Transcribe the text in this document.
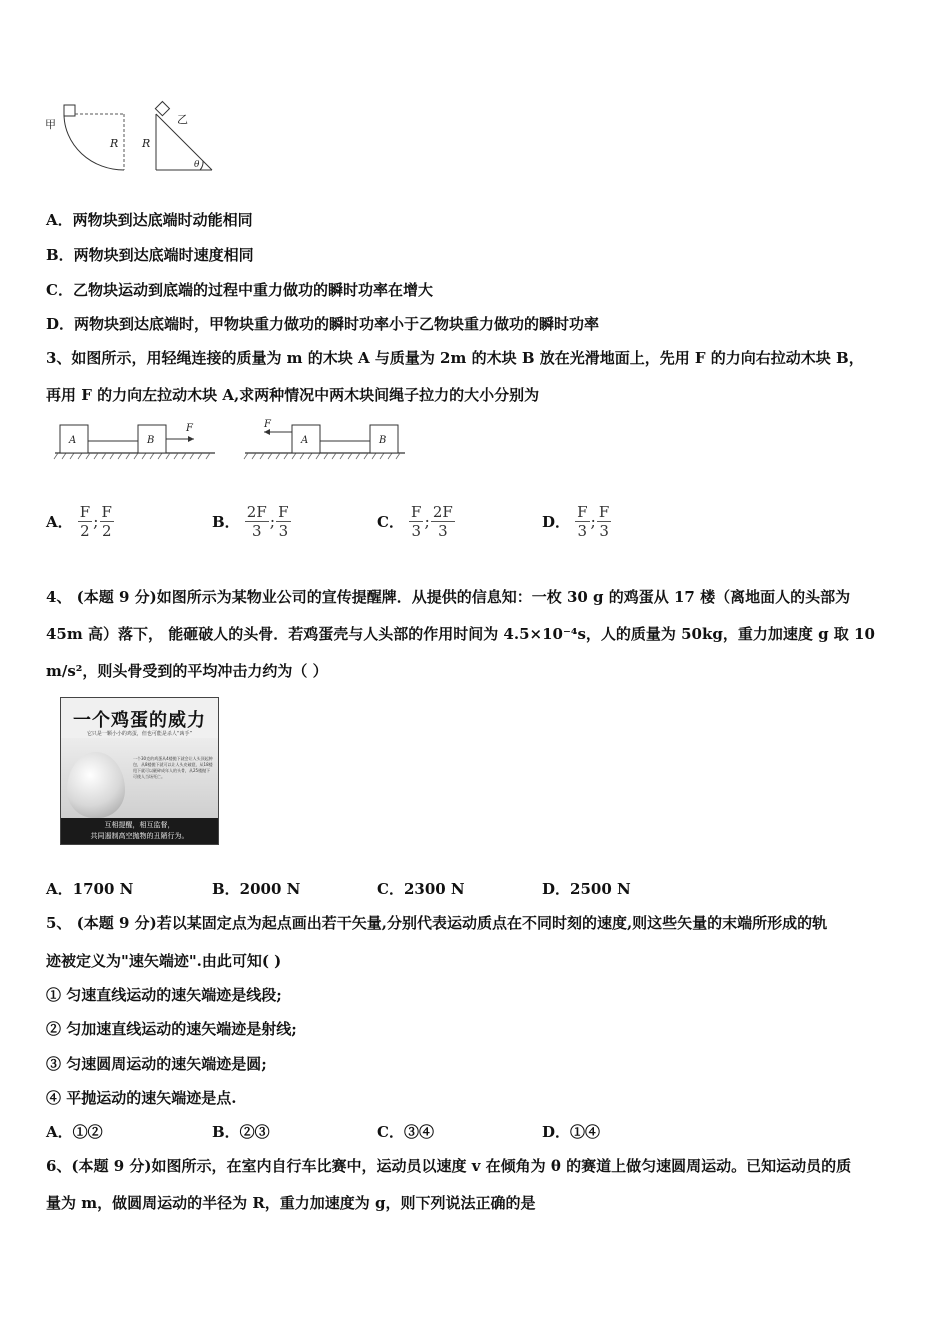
甲
R R
乙
θ
A．两物块到达底端时动能相同
B．两物块到达底端时速度相同
C．乙物块运动到底端的过程中重力做功的瞬时功率在增大
D．两物块到达底端时，甲物块重力做功的瞬时功率小于乙物块重力做功的瞬时功率
3、如图所示，用轻绳连接的质量为 m 的木块 A 与质量为 2m 的木块 B 放在光滑地面上，先用 F 的力向右拉动木块 B，
再用 F 的力向左拉动木块 A,求两种情况中两木块间绳子拉力的大小分别为
A	B
F	F
A	B
A． $\frac{F}{2}$ ; $\frac{F}{2}$	B． $\frac{2F}{3}$ ; $\frac{F}{3}$	C． $\frac{F}{3}$ ; $\frac{2F}{3}$	D． $\frac{F}{3}$ ; $\frac{F}{3}$
4、 (本题 9 分)如图所示为某物业公司的宣传提醒牌．从提供的信息知：一枚 30 g 的鸡蛋从 17 楼（离地面人的头部为
45m 高）落下， 能砸破人的头骨．若鸡蛋壳与人头部的作用时间为 4.5×10⁻⁴s，人的质量为 50kg，重力加速度 g 取 10
m/s²，则头骨受到的平均冲击力约为（ ）
一个鸡蛋的威力
它只是一颗小小的鸡蛋，但也可能是杀人“凶手”
一个30克的鸡蛋从4楼抛下就会让人头顶起肿包，从8楼抛下就可以让人头皮破裂，从18楼甩下就可以砸碎成年人的头骨，从25楼抛下可使人当场死亡。
互相提醒，相互监督，
共同遏制高空抛物的丑陋行为。
A．1700 N	B．2000 N	C．2300 N	D．2500 N
5、 (本题 9 分)若以某固定点为起点画出若干矢量,分别代表运动质点在不同时刻的速度,则这些矢量的末端所形成的轨
迹被定义为"速矢端迹".由此可知( )
① 匀速直线运动的速矢端迹是线段;
② 匀加速直线运动的速矢端迹是射线;
③ 匀速圆周运动的速矢端迹是圆;
④ 平抛运动的速矢端迹是点.
A．①②	B．②③	C．③④	D．①④
6、(本题 9 分)如图所示，在室内自行车比赛中，运动员以速度 v 在倾角为 θ 的赛道上做匀速圆周运动。已知运动员的质
量为 m，做圆周运动的半径为 R，重力加速度为 g，则下列说法正确的是
